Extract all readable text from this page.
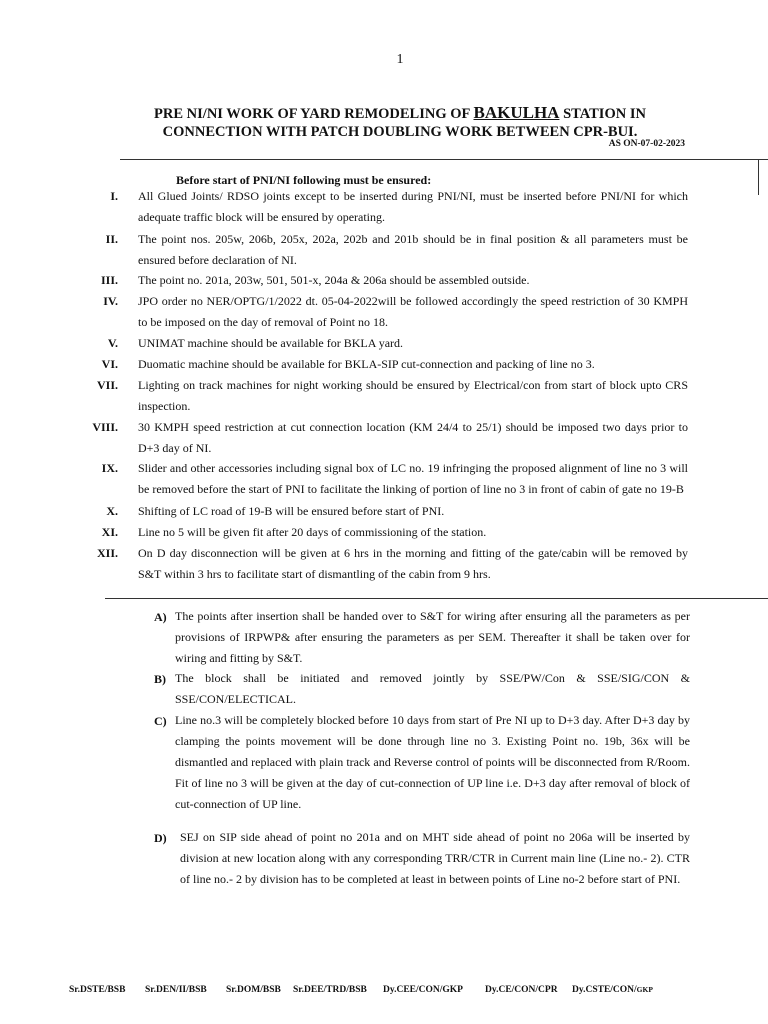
1
PRE NI/NI WORK OF YARD REMODELING OF BAKULHA STATION IN
CONNECTION WITH PATCH DOUBLING WORK BETWEEN CPR-BUI.
AS ON-07-02-2023
Before start of PNI/NI following must be ensured:
I. All Glued Joints/ RDSO joints except to be inserted during PNI/NI, must be inserted before PNI/NI for which adequate traffic block will be ensured by operating.
II. The point nos. 205w, 206b, 205x, 202a, 202b and 201b should be in final position & all parameters must be ensured before declaration of NI.
III. The point no. 201a, 203w, 501, 501-x, 204a & 206a should be assembled outside.
IV. JPO order no NER/OPTG/1/2022 dt. 05-04-2022will be followed accordingly the speed restriction of 30 KMPH to be imposed on the day of removal of Point no 18.
V. UNIMAT machine should be available for BKLA yard.
VI. Duomatic machine should be available for BKLA-SIP cut-connection and packing of line no 3.
VII. Lighting on track machines for night working should be ensured by Electrical/con from start of block upto CRS inspection.
VIII. 30 KMPH speed restriction at cut connection location (KM 24/4 to 25/1) should be imposed two days prior to D+3 day of NI.
IX. Slider and other accessories including signal box of LC no. 19 infringing the proposed alignment of line no 3 will be removed before the start of PNI to facilitate the linking of portion of line no 3 in front of cabin of gate no 19-B
X. Shifting of LC road of 19-B will be ensured before start of PNI.
XI. Line no 5 will be given fit after 20 days of commissioning of the station.
XII. On D day disconnection will be given at 6 hrs in the morning and fitting of the gate/cabin will be removed by S&T within 3 hrs to facilitate start of dismantling of the cabin from 9 hrs.
A) The points after insertion shall be handed over to S&T for wiring after ensuring all the parameters as per provisions of IRPWP& after ensuring the parameters as per SEM. Thereafter it shall be taken over for wiring and fitting by S&T.
B) The block shall be initiated and removed jointly by SSE/PW/Con & SSE/SIG/CON & SSE/CON/ELECTICAL.
C) Line no.3 will be completely blocked before 10 days from start of Pre NI up to D+3 day. After D+3 day by clamping the points movement will be done through line no 3. Existing Point no. 19b, 36x will be dismantled and replaced with plain track and Reverse control of points will be disconnected from R/Room. Fit of line no 3 will be given at the day of cut-connection of UP line i.e. D+3 day after removal of block of cut-connection of UP line.
D) SEJ on SIP side ahead of point no 201a and on MHT side ahead of point no 206a will be inserted by division at new location along with any corresponding TRR/CTR in Current main line (Line no.- 2). CTR of line no.- 2 by division has to be completed at least in between points of Line no-2 before start of PNI.
Sr.DSTE/BSB Sr.DEN/II/BSB Sr.DOM/BSB Sr.DEE/TRD/BSB Dy.CEE/CON/GKP Dy.CE/CON/CPR Dy.CSTE/CON/GKP
